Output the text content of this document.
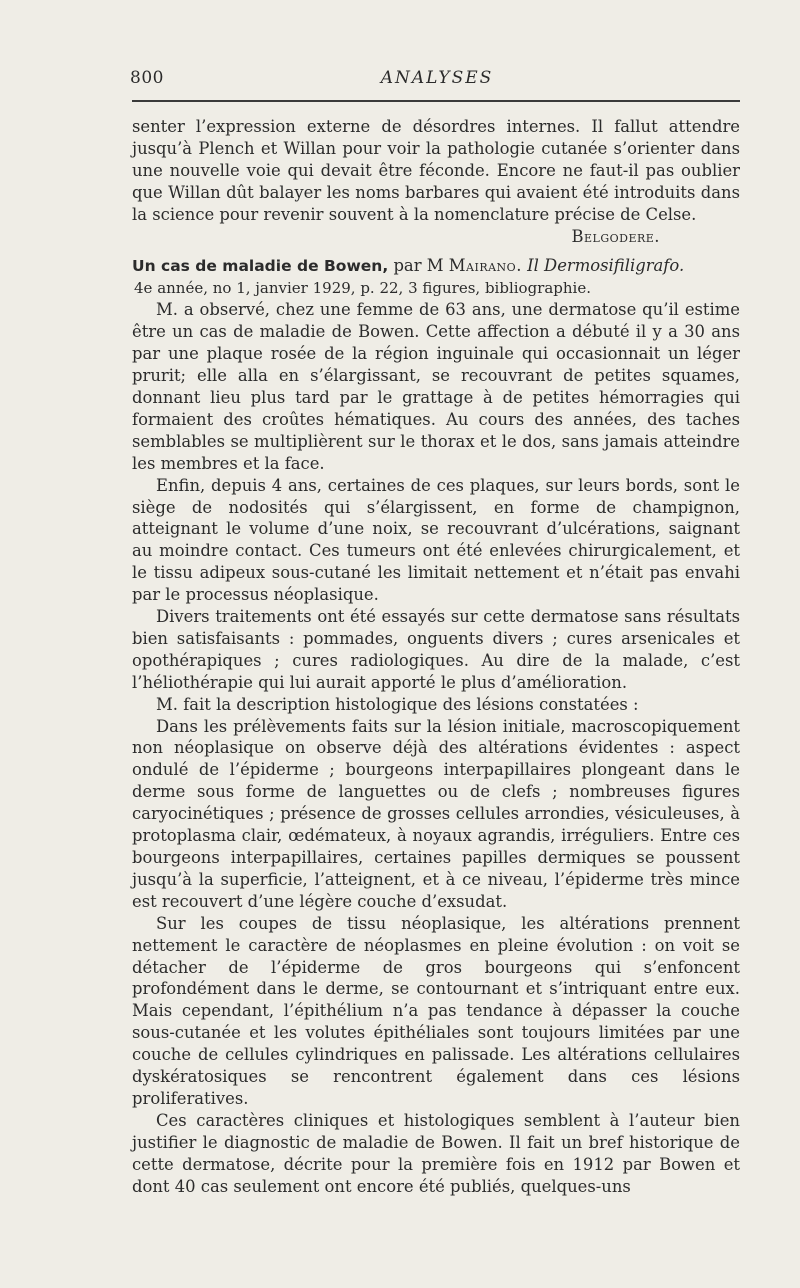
800	ANALYSES

senter l’expression externe de désordres internes. Il fallut attendre jusqu’à Plench et Willan pour voir la pathologie cutanée s’orienter dans une nouvelle voie qui devait être féconde. Encore ne faut-il pas oublier que Willan dût balayer les noms barbares qui avaient été introduits dans la science pour revenir souvent à la nomenclature précise de Celse.
Belgodere.

Un cas de maladie de Bowen, par M Mairano. Il Dermosifiligrafo.
4e année, no 1, janvier 1929, p. 22, 3 figures, bibliographie.

M. a observé, chez une femme de 63 ans, une dermatose qu’il estime être un cas de maladie de Bowen. Cette affection a débuté il y a 30 ans par une plaque rosée de la région inguinale qui occasionnait un léger prurit; elle alla en s’élargissant, se recouvrant de petites squames, donnant lieu plus tard par le grattage à de petites hémorragies qui formaient des croûtes hématiques. Au cours des années, des taches semblables se multiplièrent sur le thorax et le dos, sans jamais atteindre les membres et la face.

Enfin, depuis 4 ans, certaines de ces plaques, sur leurs bords, sont le siège de nodosités qui s’élargissent, en forme de champignon, atteignant le volume d’une noix, se recouvrant d’ulcérations, saignant au moindre contact. Ces tumeurs ont été enlevées chirurgicalement, et le tissu adipeux sous-cutané les limitait nettement et n’était pas envahi par le processus néoplasique.

Divers traitements ont été essayés sur cette dermatose sans résultats bien satisfaisants : pommades, onguents divers ; cures arsenicales et opothérapiques ; cures radiologiques. Au dire de la malade, c’est l’héliothérapie qui lui aurait apporté le plus d’amélioration.

M. fait la description histologique des lésions constatées :

Dans les prélèvements faits sur la lésion initiale, macroscopiquement non néoplasique on observe déjà des altérations évidentes : aspect ondulé de l’épiderme ; bourgeons interpapillaires plongeant dans le derme sous forme de languettes ou de clefs ; nombreuses figures caryocinétiques ; présence de grosses cellules arrondies, vésiculeuses, à protoplasma clair, œdémateux, à noyaux agrandis, irréguliers. Entre ces bourgeons interpapillaires, certaines papilles dermiques se poussent jusqu’à la superficie, l’atteignent, et à ce niveau, l’épiderme très mince est recouvert d’une légère couche d’exsudat.

Sur les coupes de tissu néoplasique, les altérations prennent nettement le caractère de néoplasmes en pleine évolution : on voit se détacher de l’épiderme de gros bourgeons qui s’enfoncent profondément dans le derme, se contournant et s’intriquant entre eux. Mais cependant, l’épithélium n’a pas tendance à dépasser la couche sous-cutanée et les volutes épithéliales sont toujours limitées par une couche de cellules cylindriques en palissade. Les altérations cellulaires dyskératosiques se rencontrent également dans ces lésions proliferatives.

Ces caractères cliniques et histologiques semblent à l’auteur bien justifier le diagnostic de maladie de Bowen. Il fait un bref historique de cette dermatose, décrite pour la première fois en 1912 par Bowen et dont 40 cas seulement ont encore été publiés, quelques-uns
